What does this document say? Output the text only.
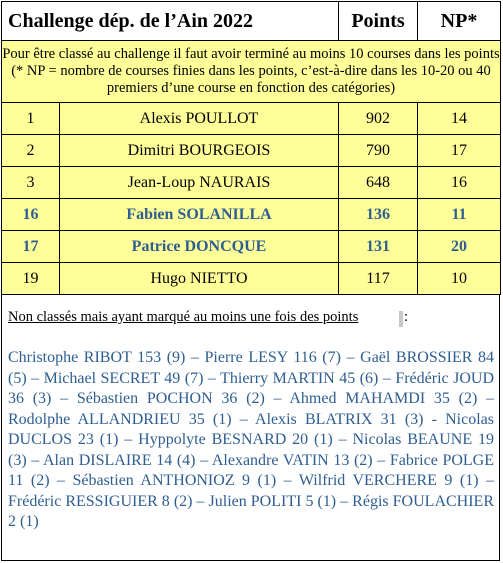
Challenge dép. de l’Ain 2022		Points	NP*
Pour être classé au challenge il faut avoir terminé au moins 10 courses dans les points (* NP = nombre de courses finies dans les points, c’est-à-dire dans les 10-20 ou 40 premiers d’une course en fonction des catégories)			
1	Alexis POULLOT	902	14
2	Dimitri BOURGEOIS	790	17
3	Jean-Loup NAURAIS	648	16
16	Fabien SOLANILLA	136	11
17	Patrice DONCQUE	131	20
19	Hugo NIETTO	117	10
Non classés mais ayant marqué au moins une fois des points	:
Christophe RIBOT 153 (9) – Pierre LESY 116 (7) – Gaël BROSSIER 84 (5) – Michael SECRET 49 (7) – Thierry MARTIN 45 (6) – Frédéric JOUD 36 (3) – Sébastien POCHON 36 (2) – Ahmed MAHAMDI 35 (2) – Rodolphe ALLANDRIEU 35 (1) – Alexis BLATRIX 31 (3) - Nicolas DUCLOS 23 (1) – Hyppolyte BESNARD 20 (1) – Nicolas BEAUNE 19 (3) – Alan DISLAIRE 14 (4) – Alexandre VATIN 13 (2) – Fabrice POLGE 11 (2) – Sébastien ANTHONIOZ 9 (1) – Wilfrid VERCHERE 9 (1) – Frédéric RESSIGUIER 8 (2) – Julien POLITI 5 (1) – Régis FOULACHIER 2 (1)
